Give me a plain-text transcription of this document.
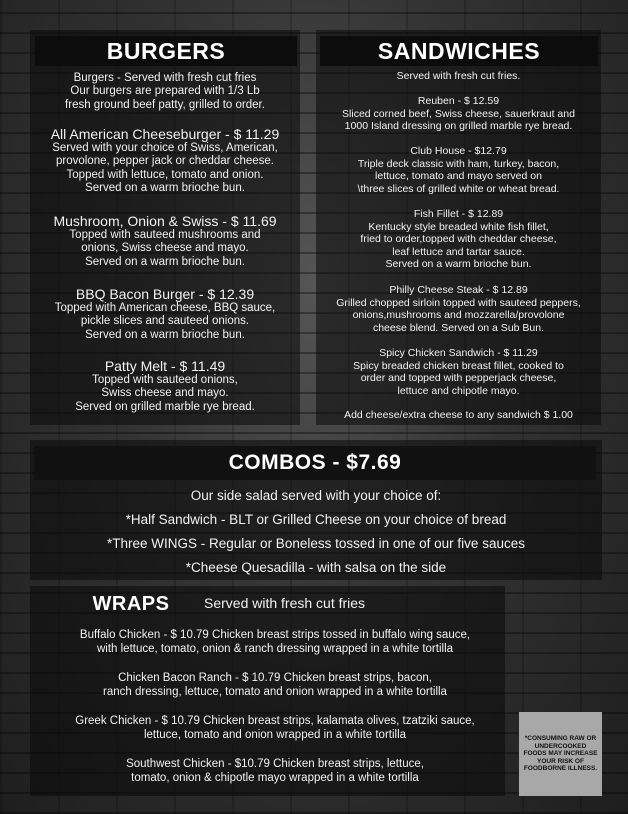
BURGERS
Burgers - Served with fresh cut fries
Our burgers are prepared with 1/3 Lb
fresh ground beef patty, grilled to order.
All American Cheeseburger - $ 11.29
Served with your choice of Swiss, American,
provolone, pepper jack or cheddar cheese.
Topped with lettuce, tomato and onion.
Served on a warm brioche bun.
Mushroom, Onion & Swiss - $ 11.69
Topped with sauteed mushrooms and
onions, Swiss cheese and mayo.
Served on a warm brioche bun.
BBQ Bacon Burger - $ 12.39
Topped with American cheese, BBQ sauce,
pickle slices and sauteed onions.
Served on a warm brioche bun.
Patty Melt - $ 11.49
Topped with sauteed onions,
Swiss cheese and mayo.
Served on grilled marble rye bread.
SANDWICHES
Served with fresh cut fries.
Reuben - $ 12.59
Sliced corned beef, Swiss cheese, sauerkraut and
1000 Island dressing on grilled marble rye bread.
Club House - $12.79
Triple deck classic with ham, turkey, bacon,
lettuce, tomato and mayo served on
\three slices of grilled white or wheat bread.
Fish Fillet - $ 12.89
Kentucky style breaded white fish fillet,
fried to order,topped with cheddar cheese,
leaf lettuce and tartar sauce.
Served on a warm brioche bun.
Philly Cheese Steak - $ 12.89
Grilled chopped sirloin topped with sauteed peppers,
onions,mushrooms and mozzarella/provolone
cheese blend. Served on a Sub Bun.
Spicy Chicken Sandwich - $ 11.29
Spicy breaded chicken breast fillet, cooked to
order and topped with pepperjack cheese,
lettuce and chipotle mayo.
Add cheese/extra cheese to any sandwich $ 1.00
COMBOS - $7.69
Our side salad served with your choice of:
*Half Sandwich - BLT or Grilled Cheese on your choice of bread
*Three WINGS - Regular or Boneless tossed in one of our five sauces
*Cheese Quesadilla - with salsa on the side
WRAPS	Served with fresh cut fries
Buffalo Chicken - $ 10.79 Chicken breast strips tossed in buffalo wing sauce,
with lettuce, tomato, onion & ranch dressing wrapped in a white tortilla
Chicken Bacon Ranch - $ 10.79 Chicken breast strips, bacon,
ranch dressing, lettuce, tomato and onion wrapped in a white tortilla
Greek Chicken - $ 10.79 Chicken breast strips, kalamata olives, tzatziki sauce,
lettuce, tomato and onion wrapped in a white tortilla
Southwest Chicken - $10.79 Chicken breast strips, lettuce,
tomato, onion & chipotle mayo wrapped in a white tortilla
*CONSUMING RAW OR UNDERCOOKED FOODS MAY INCREASE YOUR RISK OF FOODBORNE ILLNESS.
